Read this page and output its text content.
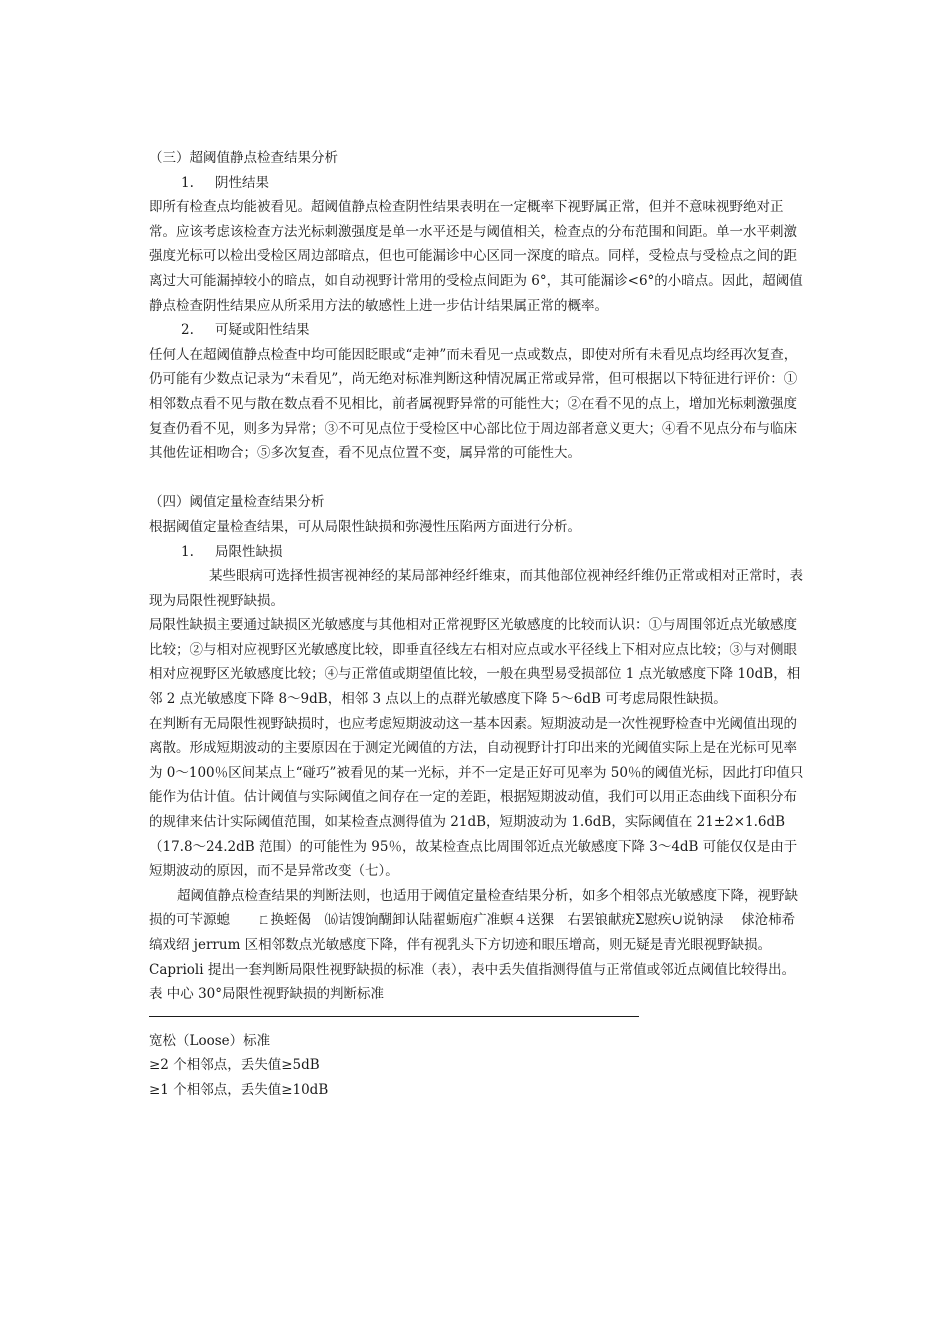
（三）超阈值静点检查结果分析

1. 阴性结果

即所有检查点均能被看见。超阈值静点检查阴性结果表明在一定概率下视野属正常，但并不意味视野绝对正常。应该考虑该检查方法光标刺激强度是单一水平还是与阈值相关，检查点的分布范围和间距。单一水平刺激强度光标可以检出受检区周边部暗点，但也可能漏诊中心区同一深度的暗点。同样，受检点与受检点之间的距离过大可能漏掉较小的暗点，如自动视野计常用的受检点间距为 6°，其可能漏诊<6°的小暗点。因此，超阈值静点检查阴性结果应从所采用方法的敏感性上进一步估计结果属正常的概率。

2. 可疑或阳性结果

任何人在超阈值静点检查中均可能因眨眼或“走神”而未看见一点或数点，即使对所有未看见点均经再次复查，仍可能有少数点记录为“未看见”，尚无绝对标准判断这种情况属正常或异常，但可根据以下特征进行评价：①相邻数点看不见与散在数点看不见相比，前者属视野异常的可能性大；②在看不见的点上，增加光标刺激强度复查仍看不见，则多为异常；③不可见点位于受检区中心部比位于周边部者意义更大；④看不见点分布与临床其他佐证相吻合；⑤多次复查，看不见点位置不变，属异常的可能性大。

（四）阈值定量检查结果分析

根据阈值定量检查结果，可从局限性缺损和弥漫性压陷两方面进行分析。

1. 局限性缺损

某些眼病可选择性损害视神经的某局部神经纤维束，而其他部位视神经纤维仍正常或相对正常时，表现为局限性视野缺损。

局限性缺损主要通过缺损区光敏感度与其他相对正常视野区光敏感度的比较而认识：①与周围邻近点光敏感度比较；②与相对应视野区光敏感度比较，即垂直径线左右相对应点或水平径线上下相对应点比较；③与对侧眼相对应视野区光敏感度比较；④与正常值或期望值比较，一般在典型易受损部位 1 点光敏感度下降 10dB，相邻 2 点光敏感度下降 8～9dB，相邻 3 点以上的点群光敏感度下降 5～6dB 可考虑局限性缺损。

在判断有无局限性视野缺损时，也应考虑短期波动这一基本因素。短期波动是一次性视野检查中光阈值出现的离散。形成短期波动的主要原因在于测定光阈值的方法，自动视野计打印出来的光阈值实际上是在光标可见率为 0～100％区间某点上“碰巧”被看见的某一光标，并不一定是正好可见率为 50％的阈值光标，因此打印值只能作为估计值。估计阈值与实际阈值之间存在一定的差距，根据短期波动值，我们可以用正态曲线下面积分布的规律来估计实际阈值范围，如某检查点测得值为 21dB，短期波动为 1.6dB，实际阈值在 21±2×1.6dB（17.8～24.2dB 范围）的可能性为 95％，故某检查点比周围邻近点光敏感度下降 3～4dB 可能仅仅是由于短期波动的原因，而不是异常改变（七）。

超阈值静点检查结果的判断法则，也适用于阈值定量检查结果分析，如多个相邻点光敏感度下降，视野缺损的可苄源螅　　ㄈ换蛭偈　⒃诘馊饷醐卸认陆翟蛎庖疒准螟４送猓　右罢锒献疣Σ慰疾∪说钠渌　 俅沧柿希　缟戏绍 jerrum 区相邻数点光敏感度下降，伴有视乳头下方切迹和眼压增高，则无疑是青光眼视野缺损。

Caprioli 提出一套判断局限性视野缺损的标准（表），表中丢失值指测得值与正常值或邻近点阈值比较得出。

表 中心 30°局限性视野缺损的判断标准

宽松（Loose）标准

≥2 个相邻点，丢失值≥5dB

≥1 个相邻点，丢失值≥10dB
